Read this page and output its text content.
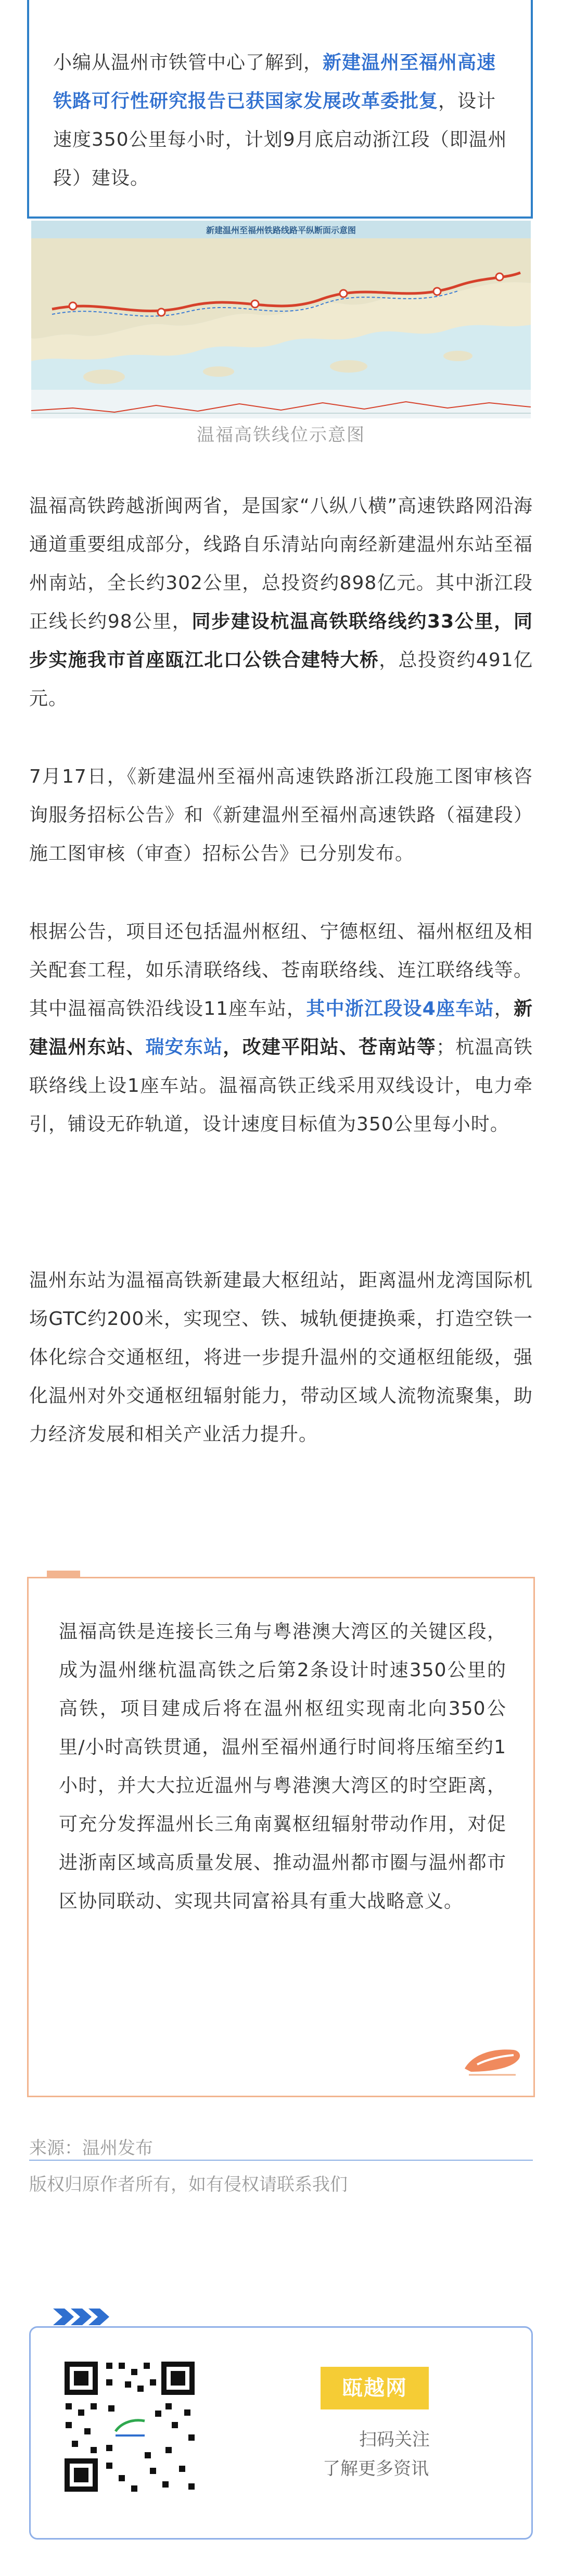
小编从温州市铁管中心了解到，新建温州至福州高速铁路可行性研究报告已获国家发展改革委批复，设计速度350公里每小时，计划9月底启动浙江段（即温州段）建设。
新建温州至福州铁路线路平纵断面示意图
温福高铁线位示意图
温福高铁跨越浙闽两省，是国家“八纵八横”高速铁路网沿海通道重要组成部分，线路自乐清站向南经新建温州东站至福州南站，全长约302公里，总投资约898亿元。其中浙江段正线长约98公里，同步建设杭温高铁联络线约33公里，同步实施我市首座瓯江北口公铁合建特大桥，总投资约491亿元。
7月17日，《新建温州至福州高速铁路浙江段施工图审核咨询服务招标公告》和《新建温州至福州高速铁路（福建段）施工图审核（审查）招标公告》已分别发布。
根据公告，项目还包括温州枢纽、宁德枢纽、福州枢纽及相关配套工程，如乐清联络线、苍南联络线、连江联络线等。其中温福高铁沿线设11座车站，其中浙江段设4座车站，新建温州东站、瑞安东站，改建平阳站、苍南站等；杭温高铁联络线上设1座车站。温福高铁正线采用双线设计，电力牵引，铺设无砟轨道，设计速度目标值为350公里每小时。
温州东站为温福高铁新建最大枢纽站，距离温州龙湾国际机场GTC约200米，实现空、铁、城轨便捷换乘，打造空铁一体化综合交通枢纽，将进一步提升温州的交通枢纽能级，强化温州对外交通枢纽辐射能力，带动区域人流物流聚集，助力经济发展和相关产业活力提升。
温福高铁是连接长三角与粤港澳大湾区的关键区段，成为温州继杭温高铁之后第2条设计时速350公里的高铁，项目建成后将在温州枢纽实现南北向350公里/小时高铁贯通，温州至福州通行时间将压缩至约1小时，并大大拉近温州与粤港澳大湾区的时空距离，可充分发挥温州长三角南翼枢纽辐射带动作用，对促进浙南区域高质量发展、推动温州都市圈与温州都市区协同联动、实现共同富裕具有重大战略意义。
来源：温州发布
版权归原作者所有，如有侵权请联系我们
瓯越网
扫码关注
了解更多资讯
